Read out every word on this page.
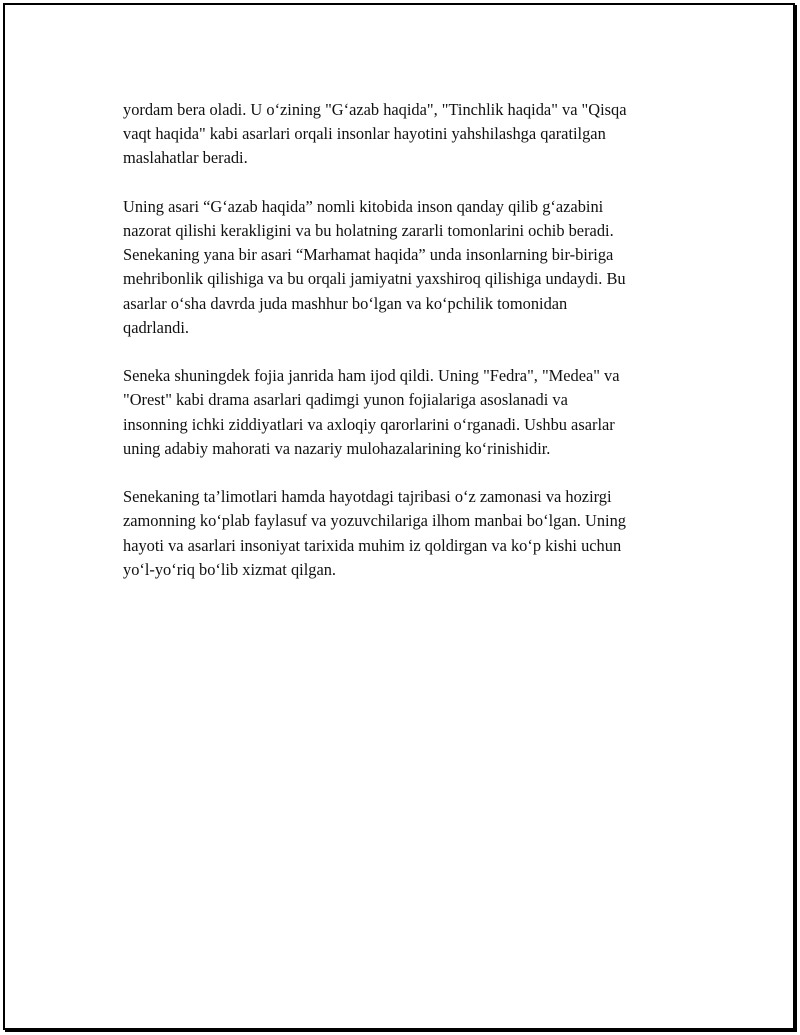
yordam bera oladi. U o‘zining "G‘azab haqida", "Tinchlik haqida" va "Qisqa
vaqt haqida" kabi asarlari orqali insonlar hayotini yahshilashga qaratilgan
maslahatlar beradi.

Uning asari “G‘azab haqida” nomli kitobida inson qanday qilib g‘azabini
nazorat qilishi kerakligini va bu holatning zararli tomonlarini ochib beradi.
Senekaning yana bir asari “Marhamat haqida” unda insonlarning bir-biriga
mehribonlik qilishiga va bu orqali jamiyatni yaxshiroq qilishiga undaydi. Bu
asarlar o‘sha davrda juda mashhur bo‘lgan va ko‘pchilik tomonidan
qadrlandi.

Seneka shuningdek fojia janrida ham ijod qildi. Uning "Fedra", "Medea" va
"Orest" kabi drama asarlari qadimgi yunon fojialariga asoslanadi va
insonning ichki ziddiyatlari va axloqiy qarorlarini o‘rganadi. Ushbu asarlar
uning adabiy mahorati va nazariy mulohazalarining ko‘rinishidir.

Senekaning ta’limotlari hamda hayotdagi tajribasi o‘z zamonasi va hozirgi
zamonning ko‘plab faylasuf va yozuvchilariga ilhom manbai bo‘lgan. Uning
hayoti va asarlari insoniyat tarixida muhim iz qoldirgan va ko‘p kishi uchun
yo‘l-yo‘riq bo‘lib xizmat qilgan.
